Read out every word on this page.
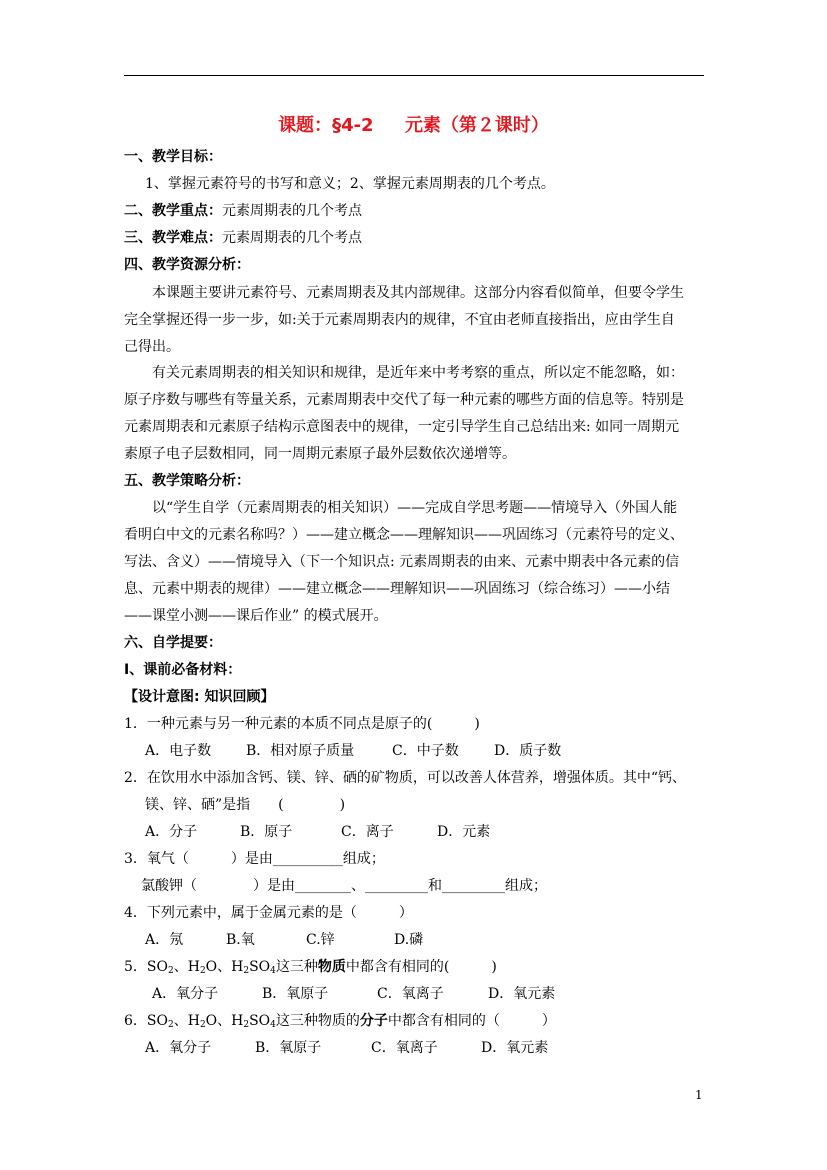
课题：§4-2 元素（第２课时）
一、教学目标：
1、掌握元素符号的书写和意义；2、掌握元素周期表的几个考点。
二、教学重点：元素周期表的几个考点
三、教学难点：元素周期表的几个考点
四、教学资源分析：
本课题主要讲元素符号、元素周期表及其内部规律。这部分内容看似简单，但要令学生
完全掌握还得一步一步，如:关于元素周期表内的规律，不宜由老师直接指出，应由学生自
己得出。
有关元素周期表的相关知识和规律，是近年来中考考察的重点，所以定不能忽略，如：
原子序数与哪些有等量关系，元素周期表中交代了每一种元素的哪些方面的信息等。特别是
元素周期表和元素原子结构示意图表中的规律，一定引导学生自己总结出来: 如同一周期元
素原子电子层数相同，同一周期元素原子最外层数依次递增等。
五、教学策略分析：
以“学生自学（元素周期表的相关知识）——完成自学思考题——情境导入（外国人能
看明白中文的元素名称吗？）——建立概念——理解知识——巩固练习（元素符号的定义、
写法、含义）——情境导入（下一个知识点: 元素周期表的由来、元素中期表中各元素的信
息、元素中期表的规律）——建立概念——理解知识——巩固练习（综合练习）——小结
——课堂小测——课后作业” 的模式展开。
六、自学提要：
Ⅰ、课前必备材料：
【设计意图: 知识回顾】
1．一种元素与另一种元素的本质不同点是原子的(　　　)
A．电子数 B．相对原子质量	C．中子数	D．质子数
2．在饮用水中添加含钙、镁、锌、硒的矿物质，可以改善人体营养，增强体质。其中“钙、
镁、锌、硒”是指　　(　　　　)
A．分子	B．原子	C．离子	D．元素
3．氧气（　　　）是由__________组成；
氯酸钾（　　　　）是由________、_________和_________组成；
4．下列元素中，属于金属元素的是（　　　）
A．氖	B.氧	C.锌	D.磷
5．$SO_2$、$H_2O$、$H_2SO_4$这三种物质中都含有相同的(　　　)
A．氧分子	B．氧原子	C．氧离子	D．氧元素
6．$SO_2$、$H_2O$、$H_2SO_4$这三种物质的分子中都含有相同的（　　　）
A．氧分子	B．氧原子	C．氧离子	D．氧元素
1
